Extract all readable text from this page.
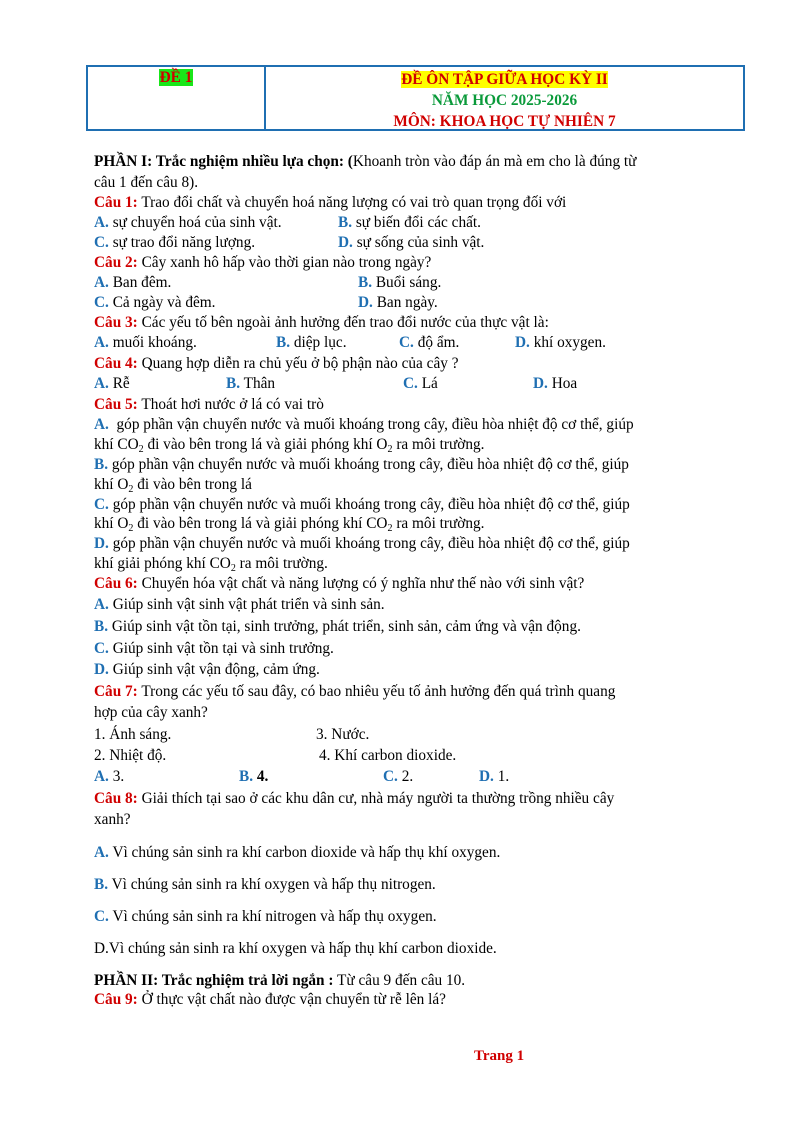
ĐỀ 1	ĐỀ ÔN TẬP GIỮA HỌC KỲ II
NĂM HỌC 2025-2026
MÔN: KHOA HỌC TỰ NHIÊN 7
PHẦN I: Trắc nghiệm nhiều lựa chọn: (Khoanh tròn vào đáp án mà em cho là đúng từ
câu 1 đến câu 8).
Câu 1: Trao đổi chất và chuyển hoá năng lượng có vai trò quan trọng đối với
A. sự chuyển hoá của sinh vật.	B. sự biến đổi các chất.
C. sự trao đổi năng lượng.	D. sự sống của sinh vật.
Câu 2: Cây xanh hô hấp vào thời gian nào trong ngày?
A. Ban đêm.	B. Buổi sáng.
C. Cả ngày và đêm.	D. Ban ngày.
Câu 3: Các yếu tố bên ngoài ảnh hưởng đến trao đổi nước của thực vật là:
A. muối khoáng.	B. diệp lục.	C. độ ẩm.	D. khí oxygen.
Câu 4: Quang hợp diễn ra chủ yếu ở bộ phận nào của cây ?
A. Rễ	B. Thân	C. Lá	D. Hoa
Câu 5: Thoát hơi nước ở lá có vai trò
A. góp phần vận chuyển nước và muối khoáng trong cây, điều hòa nhiệt độ cơ thể, giúp
khí $CO_2$ đi vào bên trong lá và giải phóng khí $O_2$ ra môi trường.
B. góp phần vận chuyển nước và muối khoáng trong cây, điều hòa nhiệt độ cơ thể, giúp
khí $O_2$ đi vào bên trong lá
C. góp phần vận chuyển nước và muối khoáng trong cây, điều hòa nhiệt độ cơ thể, giúp
khí $O_2$ đi vào bên trong lá và giải phóng khí $CO_2$ ra môi trường.
D. góp phần vận chuyển nước và muối khoáng trong cây, điều hòa nhiệt độ cơ thể, giúp
khí giải phóng khí $CO_2$ ra môi trường.
Câu 6: Chuyển hóa vật chất và năng lượng có ý nghĩa như thế nào với sinh vật?
A. Giúp sinh vật sinh vật phát triển và sinh sản.
B. Giúp sinh vật tồn tại, sinh trưởng, phát triển, sinh sản, cảm ứng và vận động.
C. Giúp sinh vật tồn tại và sinh trưởng.
D. Giúp sinh vật vận động, cảm ứng.
Câu 7: Trong các yếu tố sau đây, có bao nhiêu yếu tố ảnh hưởng đến quá trình quang
hợp của cây xanh?
1. Ánh sáng.	3. Nước.
2. Nhiệt độ.	4. Khí carbon dioxide.
A. 3.	B. 4.	C. 2.	D. 1.
Câu 8: Giải thích tại sao ở các khu dân cư, nhà máy người ta thường trồng nhiều cây
xanh?
A. Vì chúng sản sinh ra khí carbon dioxide và hấp thụ khí oxygen.
B. Vì chúng sản sinh ra khí oxygen và hấp thụ nitrogen.
C. Vì chúng sản sinh ra khí nitrogen và hấp thụ oxygen.
D.Vì chúng sản sinh ra khí oxygen và hấp thụ khí carbon dioxide.
PHẦN II: Trắc nghiệm trả lời ngắn : Từ câu 9 đến câu 10.
Câu 9: Ở thực vật chất nào được vận chuyển từ rễ lên lá?
Trang 1
